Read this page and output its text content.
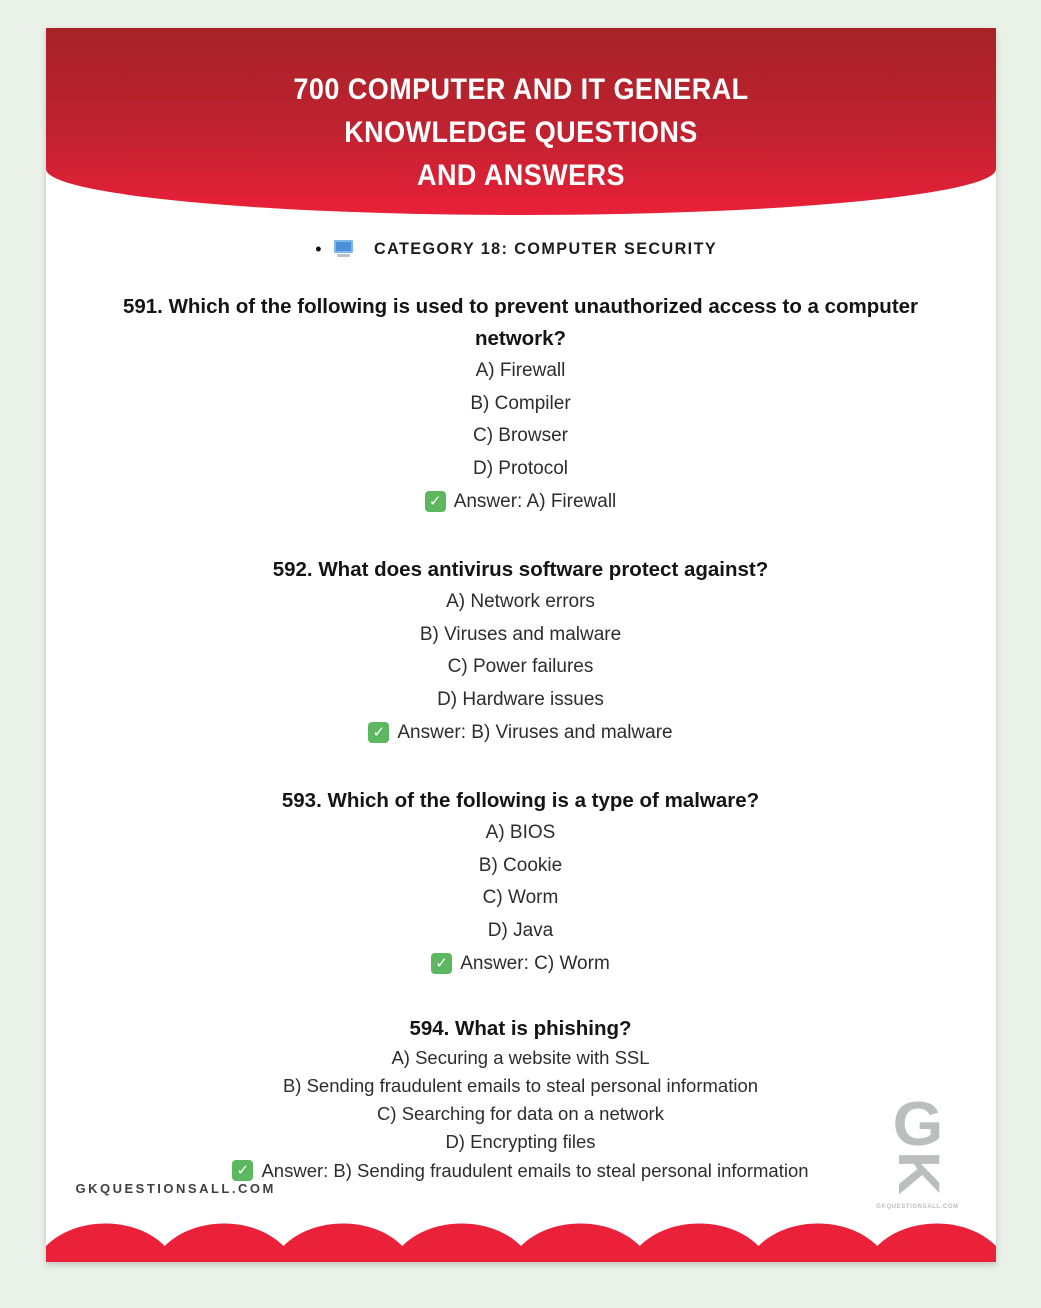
700 COMPUTER AND IT GENERAL
KNOWLEDGE QUESTIONS
AND ANSWERS
•	CATEGORY 18: COMPUTER SECURITY
591. Which of the following is used to prevent unauthorized access to a computer network?
A) Firewall
B) Compiler
C) Browser
D) Protocol
✓ Answer: A) Firewall
592. What does antivirus software protect against?
A) Network errors
B) Viruses and malware
C) Power failures
D) Hardware issues
✓ Answer: B) Viruses and malware
593. Which of the following is a type of malware?
A) BIOS
B) Cookie
C) Worm
D) Java
✓ Answer: C) Worm
594. What is phishing?
A) Securing a website with SSL
B) Sending fraudulent emails to steal personal information
C) Searching for data on a network
D) Encrypting files
✓ Answer: B) Sending fraudulent emails to steal personal information
GKQUESTIONSALL.COM
G
K
GKQUESTIONSALL.COM
